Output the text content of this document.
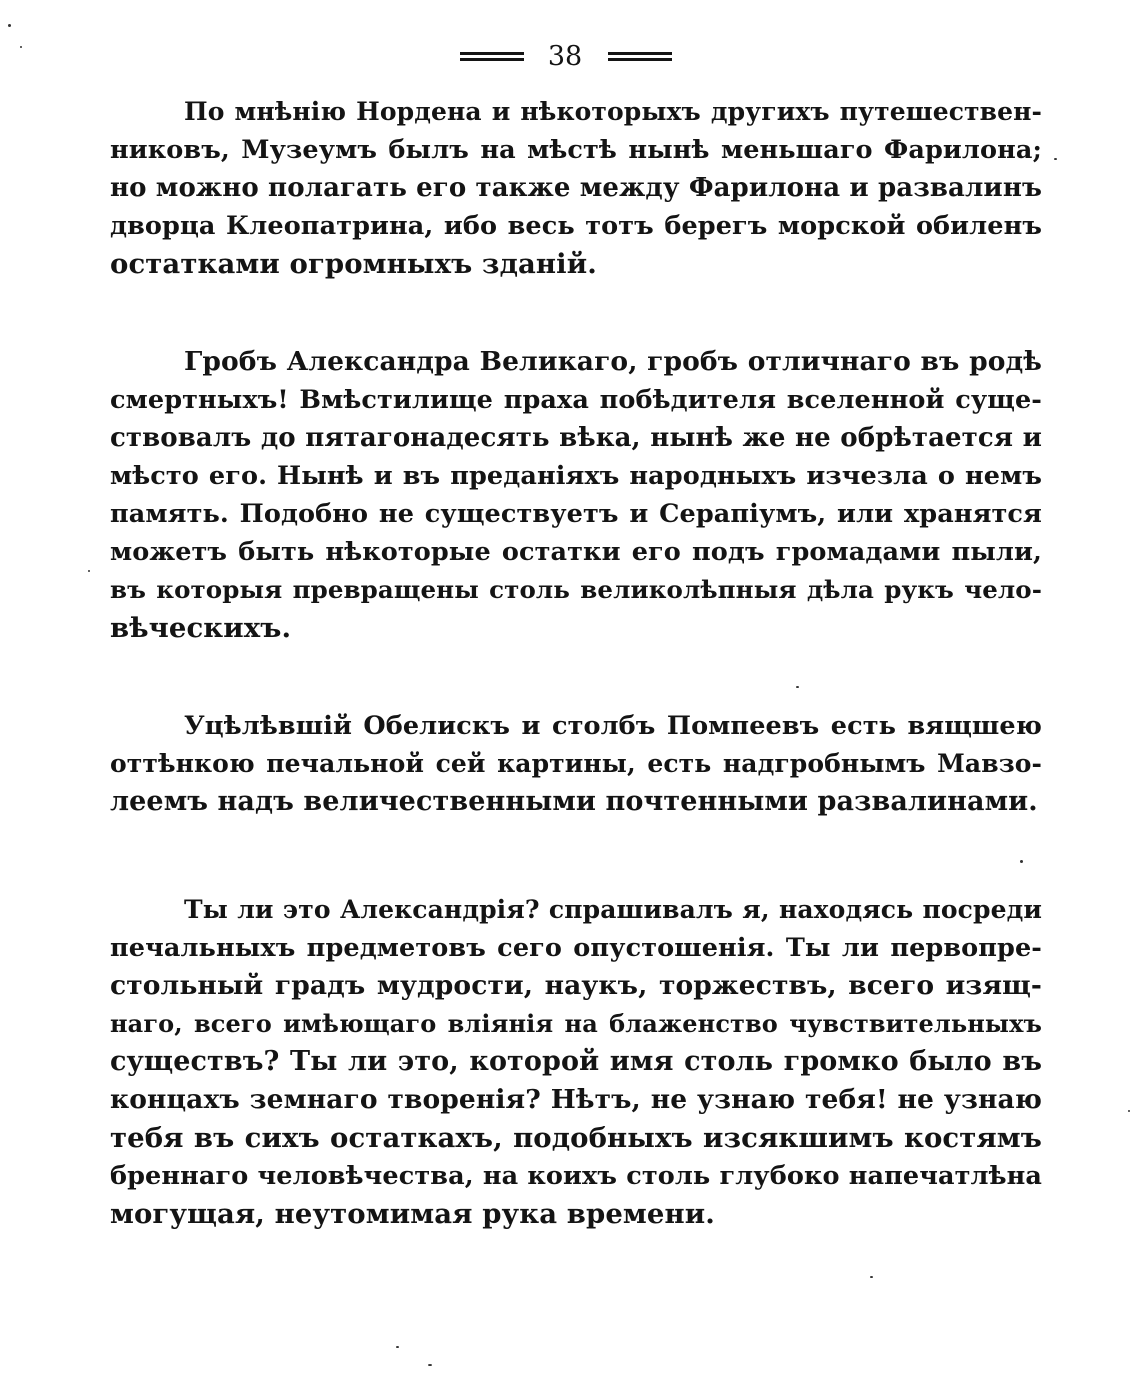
38
По мнѣнію Нордена и нѣкоторыхъ другихъ путешествен-
никовъ, Музеумъ былъ на мѣстѣ нынѣ меньшаго Фарилона;
но можно полагать его также между Фарилона и развалинъ
дворца Клеопатрина, ибо весь тотъ берегъ морской обиленъ
остатками огромныхъ зданій.
Гробъ Александра Великаго, гробъ отличнаго въ родѣ
смертныхъ! Вмѣстилище праха побѣдителя вселенной суще-
ствовалъ до пятагонадесять вѣка, нынѣ же не обрѣтается и
мѣсто его. Нынѣ и въ преданіяхъ народныхъ изчезла о немъ
память. Подобно не существуетъ и Серапіумъ, или хранятся
можетъ быть нѣкоторые остатки его подъ громадами пыли,
въ которыя превращены столь великолѣпныя дѣла рукъ чело-
вѣческихъ.
Уцѣлѣвшій Обелискъ и столбъ Помпеевъ есть вящшею
оттѣнкою печальной сей картины, есть надгробнымъ Мавзо-
леемъ надъ величественными почтенными развалинами.
Ты ли это Александрія? спрашивалъ я, находясь посреди
печальныхъ предметовъ сего опустошенія. Ты ли первопре-
стольный градъ мудрости, наукъ, торжествъ, всего изящ-
наго, всего имѣющаго вліянія на блаженство чувствительныхъ
существъ? Ты ли это, которой имя столь громко было въ
концахъ земнаго творенія? Нѣтъ, не узнаю тебя! не узнаю
тебя въ сихъ остаткахъ, подобныхъ изсякшимъ костямъ
бреннаго человѣчества, на коихъ столь глубоко напечатлѣна
могущая, неутомимая рука времени.
